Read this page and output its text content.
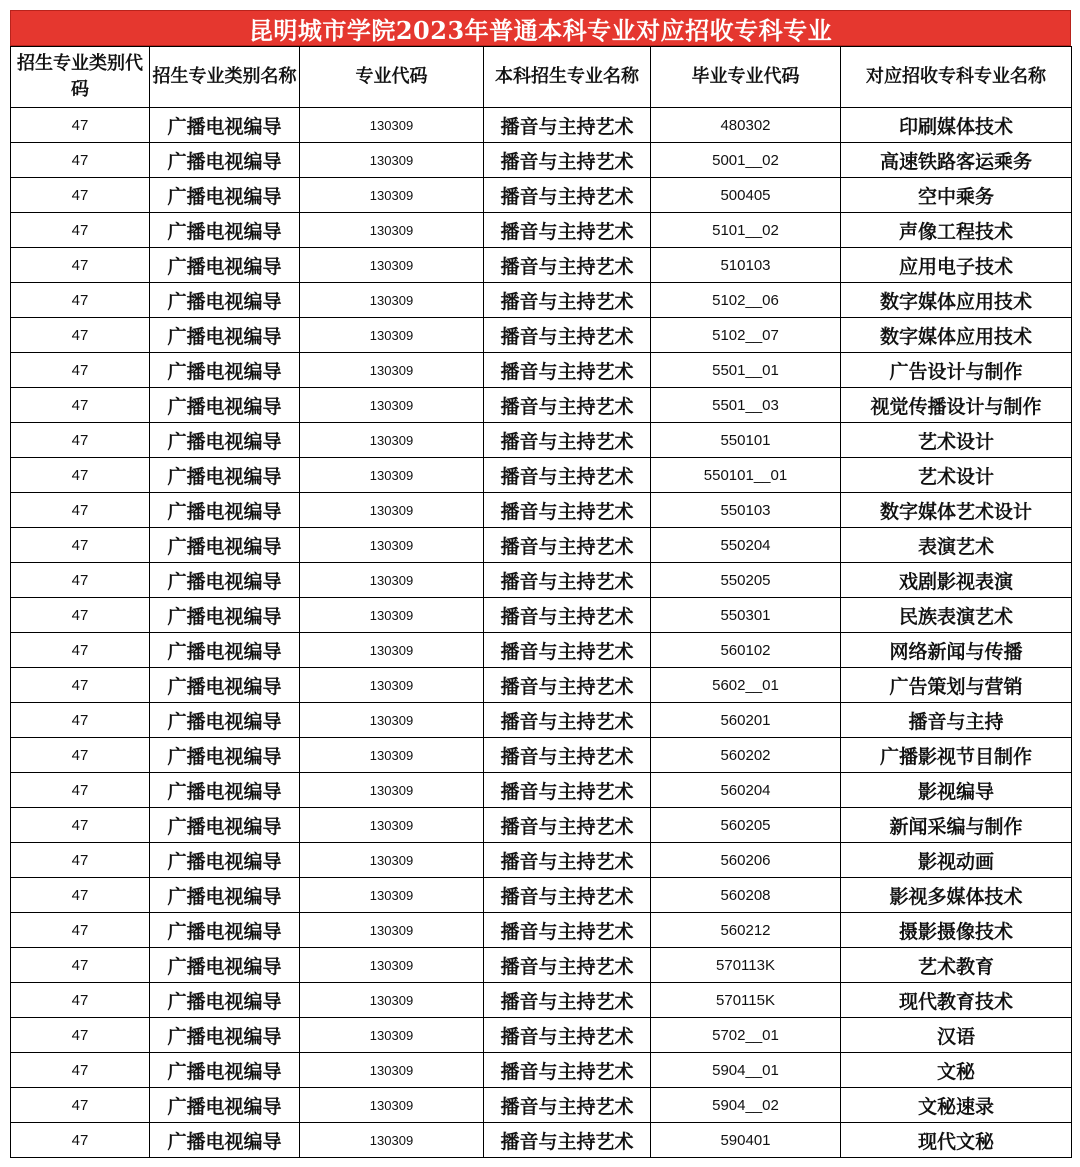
昆明城市学院2023年普通本科专业对应招收专科专业
招生专业类别代码	招生专业类别名称	专业代码	本科招生专业名称	毕业专业代码	对应招收专科专业名称
47	广播电视编导	130309	播音与主持艺术	480302	印刷媒体技术
47	广播电视编导	130309	播音与主持艺术	5001__02	高速铁路客运乘务
47	广播电视编导	130309	播音与主持艺术	500405	空中乘务
47	广播电视编导	130309	播音与主持艺术	5101__02	声像工程技术
47	广播电视编导	130309	播音与主持艺术	510103	应用电子技术
47	广播电视编导	130309	播音与主持艺术	5102__06	数字媒体应用技术
47	广播电视编导	130309	播音与主持艺术	5102__07	数字媒体应用技术
47	广播电视编导	130309	播音与主持艺术	5501__01	广告设计与制作
47	广播电视编导	130309	播音与主持艺术	5501__03	视觉传播设计与制作
47	广播电视编导	130309	播音与主持艺术	550101	艺术设计
47	广播电视编导	130309	播音与主持艺术	550101__01	艺术设计
47	广播电视编导	130309	播音与主持艺术	550103	数字媒体艺术设计
47	广播电视编导	130309	播音与主持艺术	550204	表演艺术
47	广播电视编导	130309	播音与主持艺术	550205	戏剧影视表演
47	广播电视编导	130309	播音与主持艺术	550301	民族表演艺术
47	广播电视编导	130309	播音与主持艺术	560102	网络新闻与传播
47	广播电视编导	130309	播音与主持艺术	5602__01	广告策划与营销
47	广播电视编导	130309	播音与主持艺术	560201	播音与主持
47	广播电视编导	130309	播音与主持艺术	560202	广播影视节目制作
47	广播电视编导	130309	播音与主持艺术	560204	影视编导
47	广播电视编导	130309	播音与主持艺术	560205	新闻采编与制作
47	广播电视编导	130309	播音与主持艺术	560206	影视动画
47	广播电视编导	130309	播音与主持艺术	560208	影视多媒体技术
47	广播电视编导	130309	播音与主持艺术	560212	摄影摄像技术
47	广播电视编导	130309	播音与主持艺术	570113K	艺术教育
47	广播电视编导	130309	播音与主持艺术	570115K	现代教育技术
47	广播电视编导	130309	播音与主持艺术	5702__01	汉语
47	广播电视编导	130309	播音与主持艺术	5904__01	文秘
47	广播电视编导	130309	播音与主持艺术	5904__02	文秘速录
47	广播电视编导	130309	播音与主持艺术	590401	现代文秘
